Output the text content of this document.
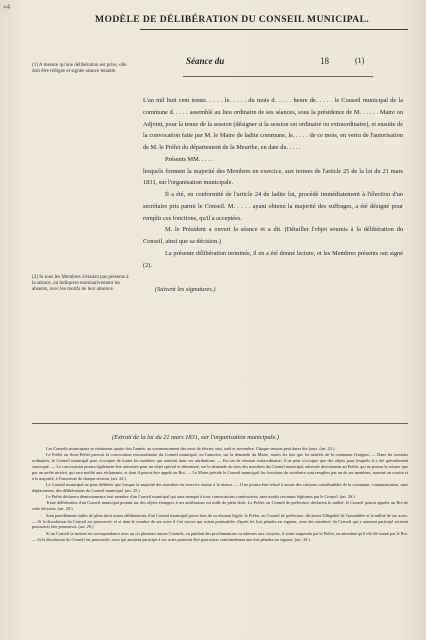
«4
MODÈLE DE DÉLIBÉRATION DU CONSEIL MUNICIPAL.
(1) A mesure qu'une délibération est prise, elle doit être rédigée et signée séance tenante.
(2) Si tous les Membres n'étaient pas présents à la séance, on indiquera nominativement les absents, avec les motifs de leur absence.
Séance du	18	(1)

L'an mil huit cent trente. . . . . le. . . . . du mois d. . . . . heure de. . . . . le Conseil municipal de la commune d. . . . . assemblé au lieu ordinaire de ses séances, sous la présidence de M. . . . . . Maire ou Adjoint, pour la tenue de la session (désigner si la session est ordinaire ou extraordinaire), et ensuite de la convocation faite par M. le Maire de ladite commune, le. . . . . de ce mois, en vertu de l'autorisation de M. le Préfet du département de la Meurthe, en date du. . . . .

Présents MM. . . . .

lesquels forment la majorité des Membres en exercice, aux termes de l'article 25 de la loi du 21 mars 1831, sur l'organisation municipale.

Il a été, en conformité de l'article 24 de ladite loi, procédé immédiatement à l'élection d'un secrétaire pris parmi le Conseil. M. . . . . ayant obtenu la majorité des suffrages, a été désigné pour remplir ces fonctions, qu'il a acceptées.

M. le Président a ouvert la séance et a dit. (Détailler l'objet soumis à la délibération du Conseil, ainsi que sa décision.)

La présente délibération terminée, il en a été donné lecture, et les Membres présents ont signé (2).

(Suivent les signatures.)
(Extrait de la loi du 21 mars 1831, sur l'organisation municipale.)

Les Conseils municipaux se réunissent quatre fois l'année, au commencement des mois de février, mai, août et novembre. Chaque session peut durer dix jours. (art. 23.)

Le Préfet ou Sous-Préfet prescrit la convocation extraordinaire du Conseil municipal, ou l'autorise, sur la demande du Maire, toutes les fois que les intérêts de la commune l'exigent. — Dans les sessions ordinaires, le Conseil municipal peut s'occuper de toutes les matières qui rentrent dans ses attributions. — En cas de réunion extraordinaire, il ne peut s'occuper que des objets pour lesquels il a été spécialement convoqué. — La convocation pourra également être autorisée pour un objet spécial et déterminé, sur la demande du tiers des membres du Conseil municipal, adressée directement au Préfet, qui ne pourra la refuser que par un arrêté motivé, qui sera notifié aux réclamants, et dont il pourra être appelé au Roi. — Le Maire préside le Conseil municipal; les fonctions de secrétaire sont remplies par un de ses membres, nommé au scrutin et à la majorité, à l'ouverture de chaque session. (art. 24.)

Le Conseil municipal ne peut délibérer que lorsque la majorité des membres en exercice assiste à la séance. — Il ne pourra être refusé à aucun des citoyens contribuables de la commune, communication, sans déplacement, des délibérations du Conseil municipal. (art. 25.)

Le Préfet déclarera démissionnaire tout membre d'un Conseil municipal qui aura manqué à trois convocations consécutives, sans motifs reconnus légitimes par le Conseil. (art. 26.)

Toute délibération d'un Conseil municipal portant sur des objets étrangers à ses attributions est nulle de plein droit. Le Préfet, en Conseil de préfecture, déclarera la nullité; le Conseil pourra appeler au Roi de cette décision. (art. 28.)

Sont pareillement nulles de plein droit toutes délibérations d'un Conseil municipal prises hors de sa réunion légale; le Préfet, en Conseil de préfecture, déclarera l'illégalité de l'assemblée et la nullité de ses actes. — Si la dissolution du Conseil est prononcée, et si dans le nombre de ses actes il s'en trouve qui soient punissables d'après les lois pénales en vigueur, ceux des membres du Conseil qui y auraient participé seraient poursuivis être poursuivis. (art. 29.)

Si un Conseil se mettait en correspondance avec un ou plusieurs autres Conseils, ou publiait des proclamations ou adresses aux citoyens, il serait suspendu par le Préfet, en attendant qu'il eût été statué par le Roi. — Si la dissolution du Conseil est prononcée, ceux qui auraient participé à ces actes pourront être poursuivis conformément aux lois pénales en vigueur. (art. 30.)
